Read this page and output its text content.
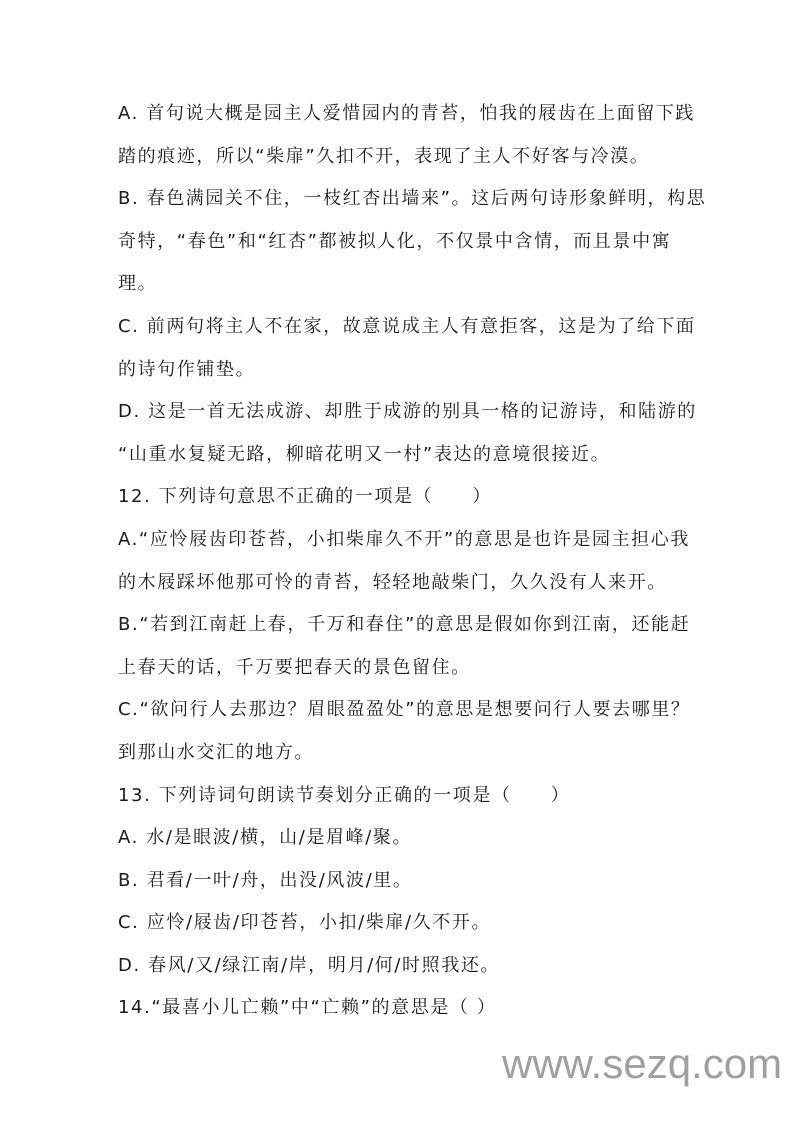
A. 首句说大概是园主人爱惜园内的青苔，怕我的屐齿在上面留下践
踏的痕迹，所以“柴扉”久扣不开，表现了主人不好客与冷漠。
B. 春色满园关不住，一枝红杏出墙来”。这后两句诗形象鲜明，构思
奇特，“春色”和“红杏”都被拟人化，不仅景中含情，而且景中寓
理。
C. 前两句将主人不在家，故意说成主人有意拒客，这是为了给下面
的诗句作铺垫。
D. 这是一首无法成游、却胜于成游的别具一格的记游诗，和陆游的
“山重水复疑无路，柳暗花明又一村”表达的意境很接近。
12. 下列诗句意思不正确的一项是（　　）
A.“应怜屐齿印苍苔，小扣柴扉久不开”的意思是也许是园主担心我
的木屐踩坏他那可怜的青苔，轻轻地敲柴门，久久没有人来开。
B.“若到江南赶上春，千万和春住”的意思是假如你到江南，还能赶
上春天的话，千万要把春天的景色留住。
C.“欲问行人去那边？眉眼盈盈处”的意思是想要问行人要去哪里？
到那山水交汇的地方。
13. 下列诗词句朗读节奏划分正确的一项是（　　）
A. 水/是眼波/横，山/是眉峰/聚。
B. 君看/一叶/舟，出没/风波/里。
C. 应怜/屐齿/印苍苔，小扣/柴扉/久不开。
D. 春风/又/绿江南/岸，明月/何/时照我还。
14.“最喜小儿亡赖”中“亡赖”的意思是（ ）
www.sezq.com
